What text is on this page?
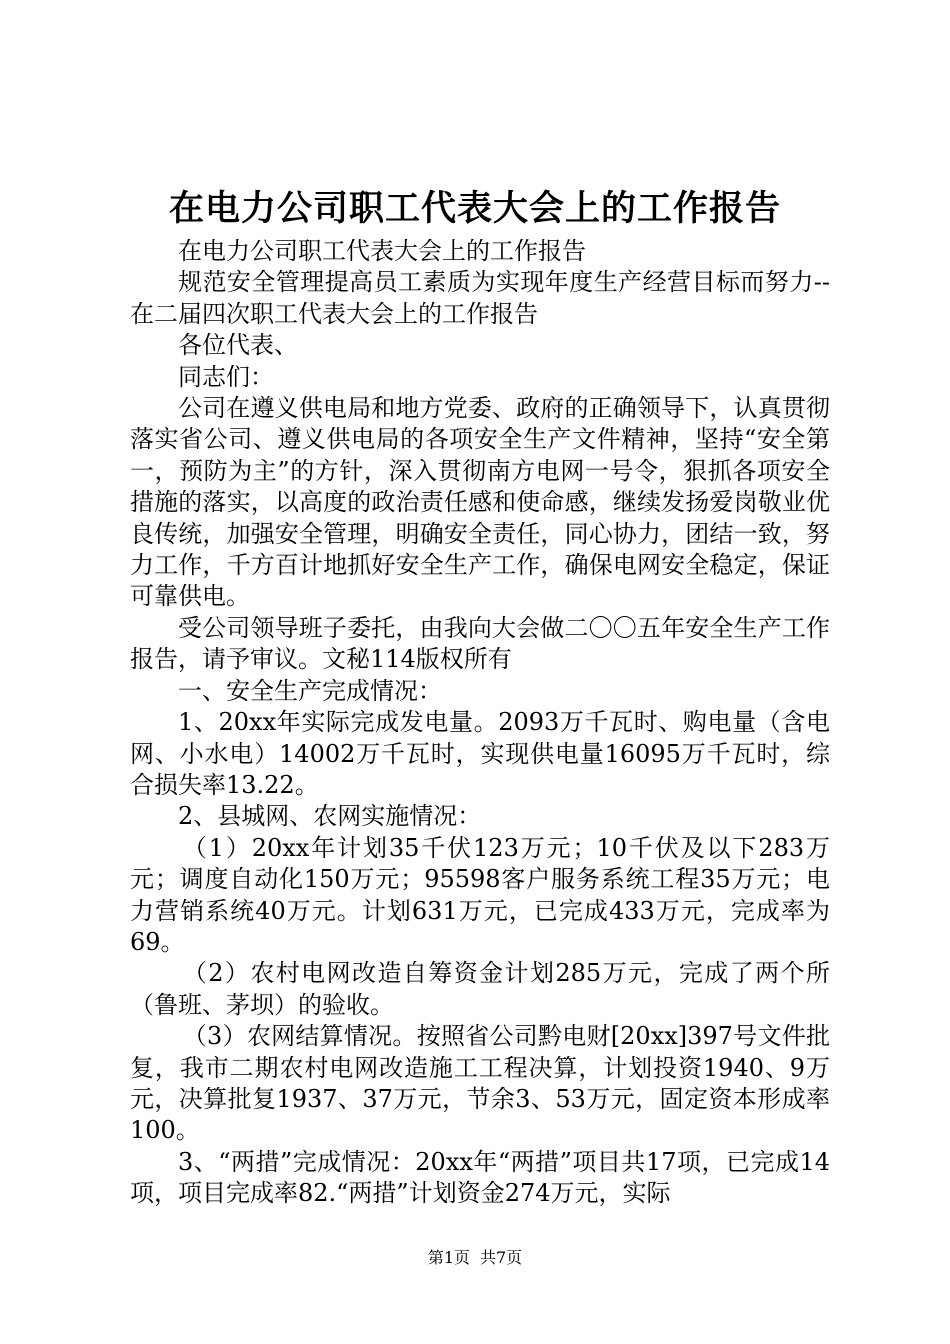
在电力公司职工代表大会上的工作报告

在电力公司职工代表大会上的工作报告

规范安全管理提高员工素质为实现年度生产经营目标而努力--在二届四次职工代表大会上的工作报告

各位代表、

同志们：

公司在遵义供电局和地方党委、政府的正确领导下，认真贯彻落实省公司、遵义供电局的各项安全生产文件精神，坚持“安全第一，预防为主”的方针，深入贯彻南方电网一号令，狠抓各项安全措施的落实，以高度的政治责任感和使命感，继续发扬爱岗敬业优良传统，加强安全管理，明确安全责任，同心协力，团结一致，努力工作，千方百计地抓好安全生产工作，确保电网安全稳定，保证可靠供电。

受公司领导班子委托，由我向大会做二〇〇五年安全生产工作报告，请予审议。文秘114版权所有

一、安全生产完成情况：

1、20xx年实际完成发电量。2093万千瓦时、购电量（含电网、小水电）14002万千瓦时，实现供电量16095万千瓦时，综合损失率13.22。

2、县城网、农网实施情况：

（1）20xx年计划35千伏123万元；10千伏及以下283万元；调度自动化150万元；95598客户服务系统工程35万元；电力营销系统40万元。计划631万元，已完成433万元，完成率为69。

（2）农村电网改造自筹资金计划285万元，完成了两个所（鲁班、茅坝）的验收。

（3）农网结算情况。按照省公司黔电财[20xx]397号文件批复，我市二期农村电网改造施工工程决算，计划投资1940、9万元，决算批复1937、37万元，节余3、53万元，固定资本形成率100。

3、“两措”完成情况：20xx年“两措”项目共17项，已完成14项，项目完成率82.“两措”计划资金274万元，实际

第1页 共7页
